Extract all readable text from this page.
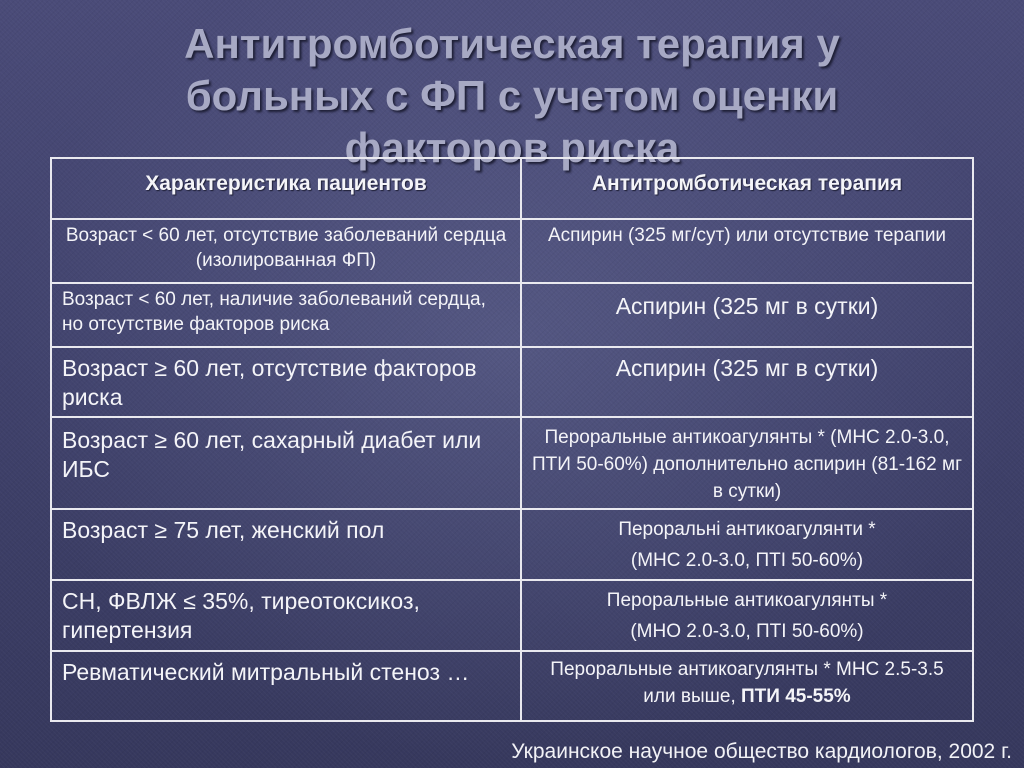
Антитромботическая терапия у
больных с ФП с учетом оценки
факторов риска
Характеристика пациентов	Антитромботическая терапия
Возраст < 60 лет, отсутствие заболеваний сердца (изолированная ФП)	Аспирин (325 мг/сут) или отсутствие терапии
Возраст < 60 лет, наличие заболеваний сердца, но отсутствие факторов риска	Аспирин (325 мг в сутки)
Возраст ≥ 60 лет, отсутствие факторов риска	Аспирин (325 мг в сутки)
Возраст ≥ 60 лет, сахарный диабет или ИБС	Пероральные антикоагулянты * (МНС 2.0-3.0, ПТИ 50-60%) дополнительно аспирин (81-162 мг в сутки)
Возраст ≥ 75 лет, женский пол	Пероральні антикоагулянти *
(МНС 2.0-3.0, ПТІ 50-60%)

СН, ФВЛЖ ≤ 35%, тиреотоксикоз, гипертензия	Пероральные антикоагулянты *
(МНО 2.0-3.0, ПТІ 50-60%)

Ревматический митральный стеноз …	Пероральные антикоагулянты * МНС 2.5-3.5 или выше, ПТИ 45-55%
Украинское научное общество кардиологов, 2002 г.
